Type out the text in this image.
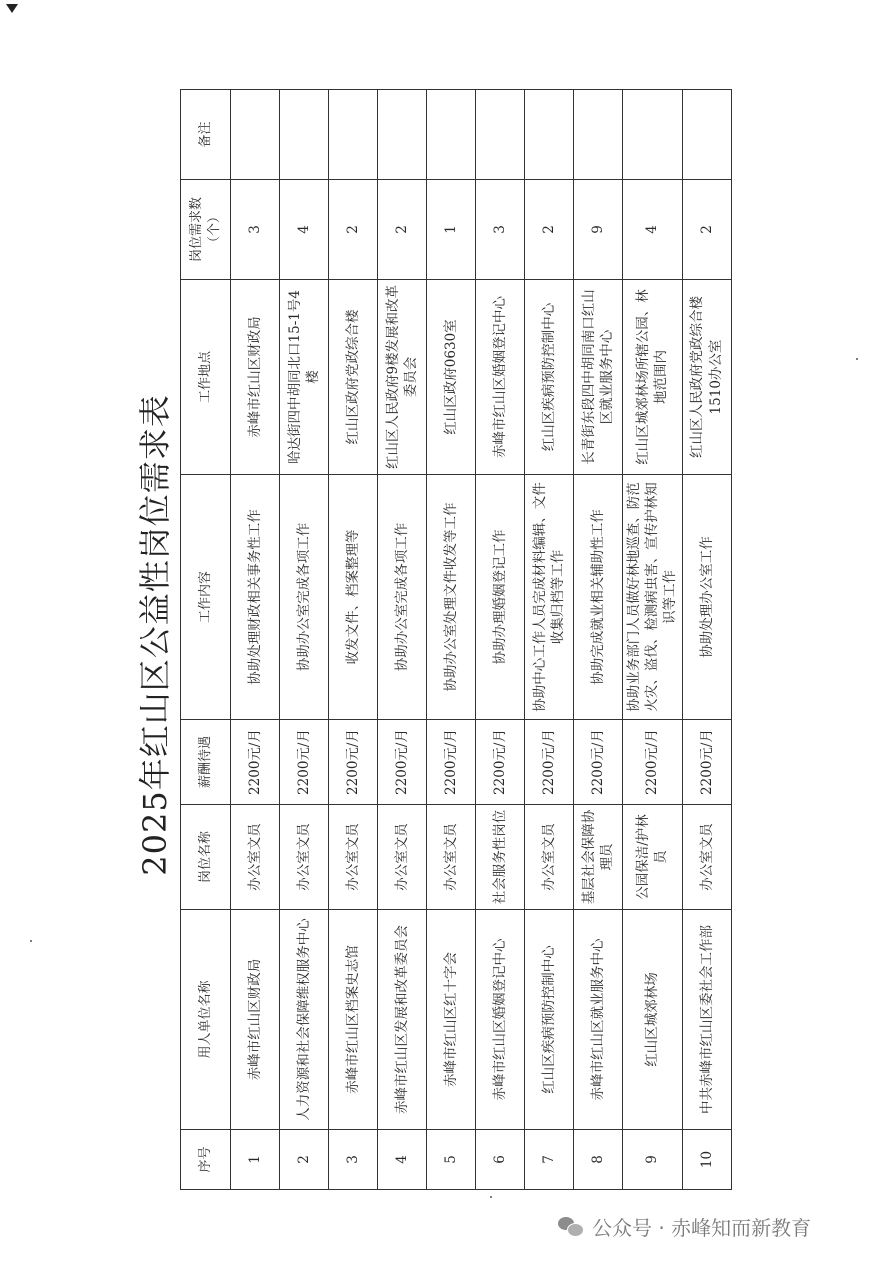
2025年红山区公益性岗位需求表
序号	用人单位名称	岗位名称	薪酬待遇	工作内容	工作地点	岗位需求数（个）	备注
1	赤峰市红山区财政局	办公室文员	2200元/月	协助处理财政相关事务性工作	赤峰市红山区财政局	3	
2	人力资源和社会保障维权服务中心	办公室文员	2200元/月	协助办公室完成各项工作	哈达街四中胡同北口15-1号4楼	4	
3	赤峰市红山区档案史志馆	办公室文员	2200元/月	收发文件、档案整理等	红山区政府党政综合楼	2	
4	赤峰市红山区发展和改革委员会	办公室文员	2200元/月	协助办公室完成各项工作	红山区人民政府9楼发展和改革委员会	2	
5	赤峰市红山区红十字会	办公室文员	2200元/月	协助办公室处理文件收发等工作	红山区政府0630室	1	
6	赤峰市红山区婚姻登记中心	社会服务性岗位	2200元/月	协助办理婚姻登记工作	赤峰市红山区婚姻登记中心	3	
7	红山区疾病预防控制中心	办公室文员	2200元/月	协助中心工作人员完成材料编辑、文件收集归档等工作	红山区疾病预防控制中心	2	
8	赤峰市红山区就业服务中心	基层社会保障协理员	2200元/月	协助完成就业相关辅助性工作	长青街东段四中胡同南口红山区就业服务中心	9	
9	红山区城郊林场	公园保洁/护林员	2200元/月	协助业务部门人员做好林地巡查、防范火灾、盗伐、检测病虫害、宣传护林知识等工作	红山区城郊林场所辖公园、林地范围内	4	
10	中共赤峰市红山区委社会工作部	办公室文员	2200元/月	协助处理办公室工作	红山区人民政府党政综合楼1510办公室	2	
公众号 · 赤峰知而新教育
